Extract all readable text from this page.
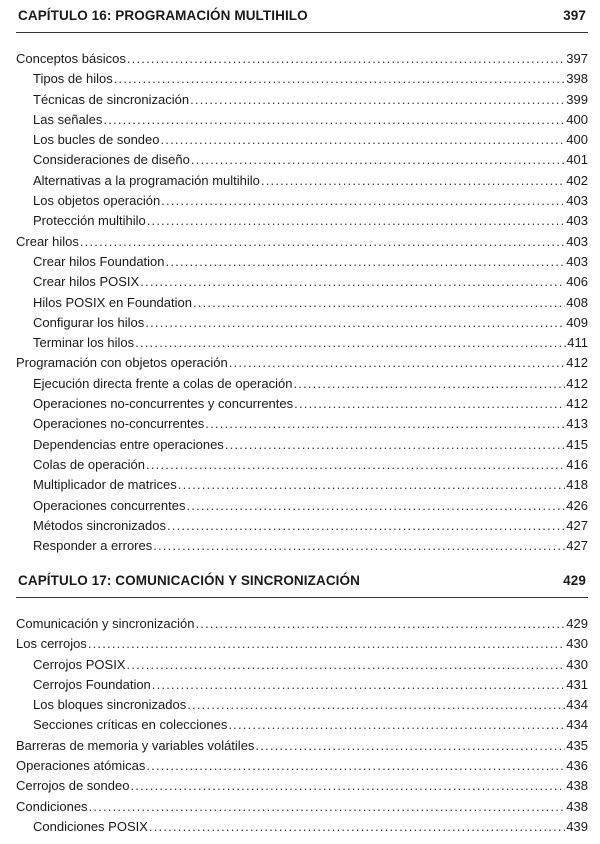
CAPÍTULO 16: PROGRAMACIÓN MULTIHILO	397
Conceptos básicos .....	397
Tipos de hilos .....	398
Técnicas de sincronización .....	399
Las señales .....	400
Los bucles de sondeo .....	400
Consideraciones de diseño .....	401
Alternativas a la programación multihilo .....	402
Los objetos operación .....	403
Protección multihilo .....	403
Crear hilos .....	403
Crear hilos Foundation .....	403
Crear hilos POSIX .....	406
Hilos POSIX en Foundation .....	408
Configurar los hilos .....	409
Terminar los hilos .....	411
Programación con objetos operación .....	412
Ejecución directa frente a colas de operación .....	412
Operaciones no-concurrentes y concurrentes .....	412
Operaciones no-concurrentes .....	413
Dependencias entre operaciones .....	415
Colas de operación .....	416
Multiplicador de matrices .....	418
Operaciones concurrentes .....	426
Métodos sincronizados .....	427
Responder a errores .....	427
CAPÍTULO 17: COMUNICACIÓN Y SINCRONIZACIÓN	429
Comunicación y sincronización .....	429
Los cerrojos .....	430
Cerrojos POSIX .....	430
Cerrojos Foundation .....	431
Los bloques sincronizados .....	434
Secciones críticas en colecciones .....	434
Barreras de memoria y variables volátiles .....	435
Operaciones atómicas .....	436
Cerrojos de sondeo .....	438
Condiciones .....	438
Condiciones POSIX .....	439
